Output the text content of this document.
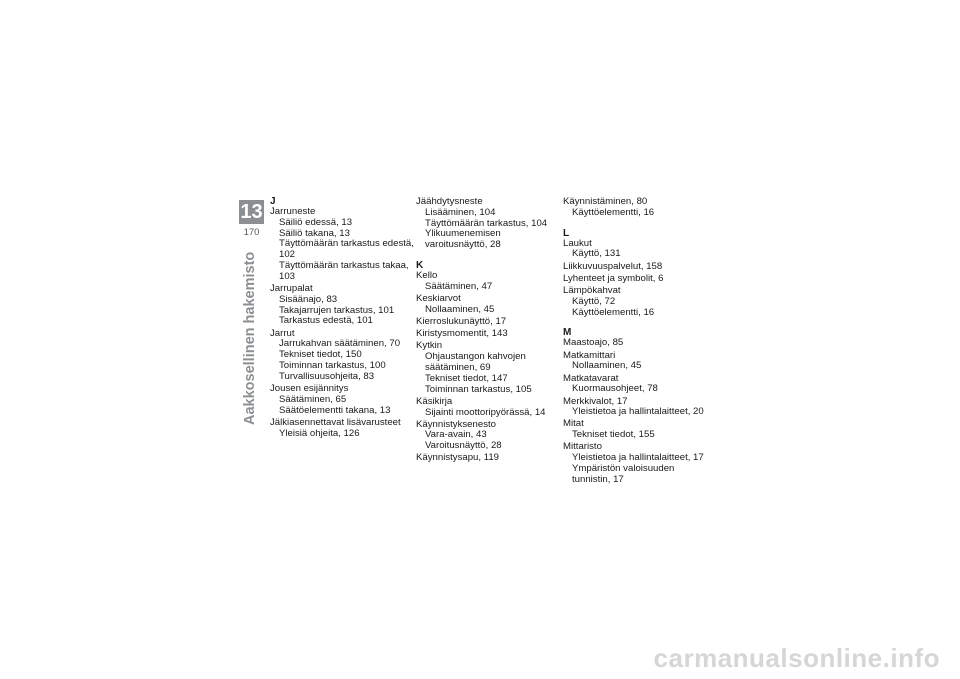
13
170
Aakkosellinen hakemisto
J
Jarruneste
Säiliö edessä, 13
Säiliö takana, 13
Täyttömäärän tarkastus edestä, 102
Täyttömäärän tarkastus takaa, 103
Jarrupalat
Sisäänajo, 83
Takajarrujen tarkastus, 101
Tarkastus edestä, 101
Jarrut
Jarrukahvan säätäminen, 70
Tekniset tiedot, 150
Toiminnan tarkastus, 100
Turvallisuusohjeita, 83
Jousen esijännitys
Säätäminen, 65
Säätöelementti takana, 13
Jälkiasennettavat lisävarusteet
Yleisiä ohjeita, 126
Jäähdytysneste
Lisääminen, 104
Täyttömäärän tarkastus, 104
Ylikuumenemisen varoitusnäyttö, 28
K
Kello
Säätäminen, 47
Keskiarvot
Nollaaminen, 45
Kierroslukunäyttö, 17
Kiristysmomentit, 143
Kytkin
Ohjaustangon kahvojen säätäminen, 69
Tekniset tiedot, 147
Toiminnan tarkastus, 105
Käsikirja
Sijainti moottoripyörässä, 14
Käynnistyksenesto
Vara-avain, 43
Varoitusnäyttö, 28
Käynnistysapu, 119
Käynnistäminen, 80
Käyttöelementti, 16
L
Laukut
Käyttö, 131
Liikkuvuuspalvelut, 158
Lyhenteet ja symbolit, 6
Lämpökahvat
Käyttö, 72
Käyttöelementti, 16
M
Maastoajo, 85
Matkamittari
Nollaaminen, 45
Matkatavarat
Kuormausohjeet, 78
Merkkivalot, 17
Yleistietoa ja hallintalaitteet, 20
Mitat
Tekniset tiedot, 155
Mittaristo
Yleistietoa ja hallintalaitteet, 17
Ympäristön valoisuuden tunnistin, 17
carmanualsonline.info
